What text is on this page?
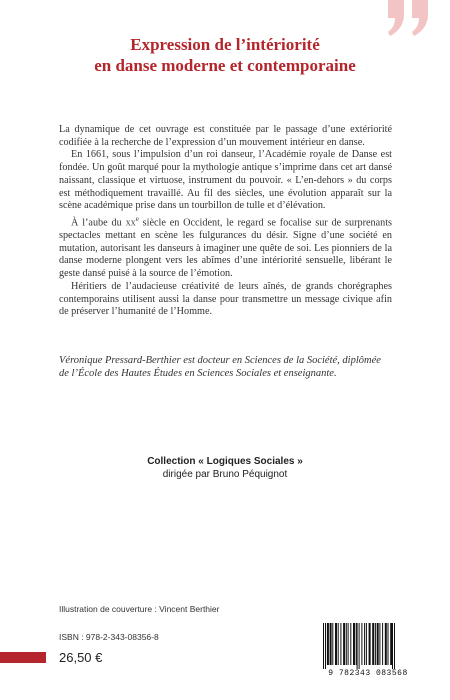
Expression de l’intériorité
en danse moderne et contemporaine

La dynamique de cet ouvrage est constituée par le passage d’une extériorité codifiée à la recherche de l’expression d’un mouvement intérieur en danse.

En 1661, sous l’impulsion d’un roi danseur, l’Académie royale de Danse est fondée. Un goût marqué pour la mythologie antique s’imprime dans cet art dansé naissant, classique et virtuose, instrument du pouvoir. « L’en-dehors » du corps est méthodiquement travaillé. Au fil des siècles, une évolution apparaît sur la scène académique prise dans un tourbillon de tulle et d’élévation.

À l’aube du $xx^e$ siècle en Occident, le regard se focalise sur de surprenants spectacles mettant en scène les fulgurances du désir. Signe d’une société en mutation, autorisant les danseurs à imaginer une quête de soi. Les pionniers de la danse moderne plongent vers les abîmes d’une intériorité sensuelle, libérant le geste dansé puisé à la source de l’émotion.

Héritiers de l’audacieuse créativité de leurs aînés, de grands chorégraphes contemporains utilisent aussi la danse pour transmettre un message civique afin de préserver l’humanité de l’Homme.

Véronique Pressard-Berthier est docteur en Sciences de la Société, diplômée de l’École des Hautes Études en Sciences Sociales et enseignante.
Collection « Logiques Sociales »
dirigée par Bruno Péquignot
Illustration de couverture : Vincent Berthier
ISBN : 978-2-343-08356-8
26,50 €
9 782343 083568
